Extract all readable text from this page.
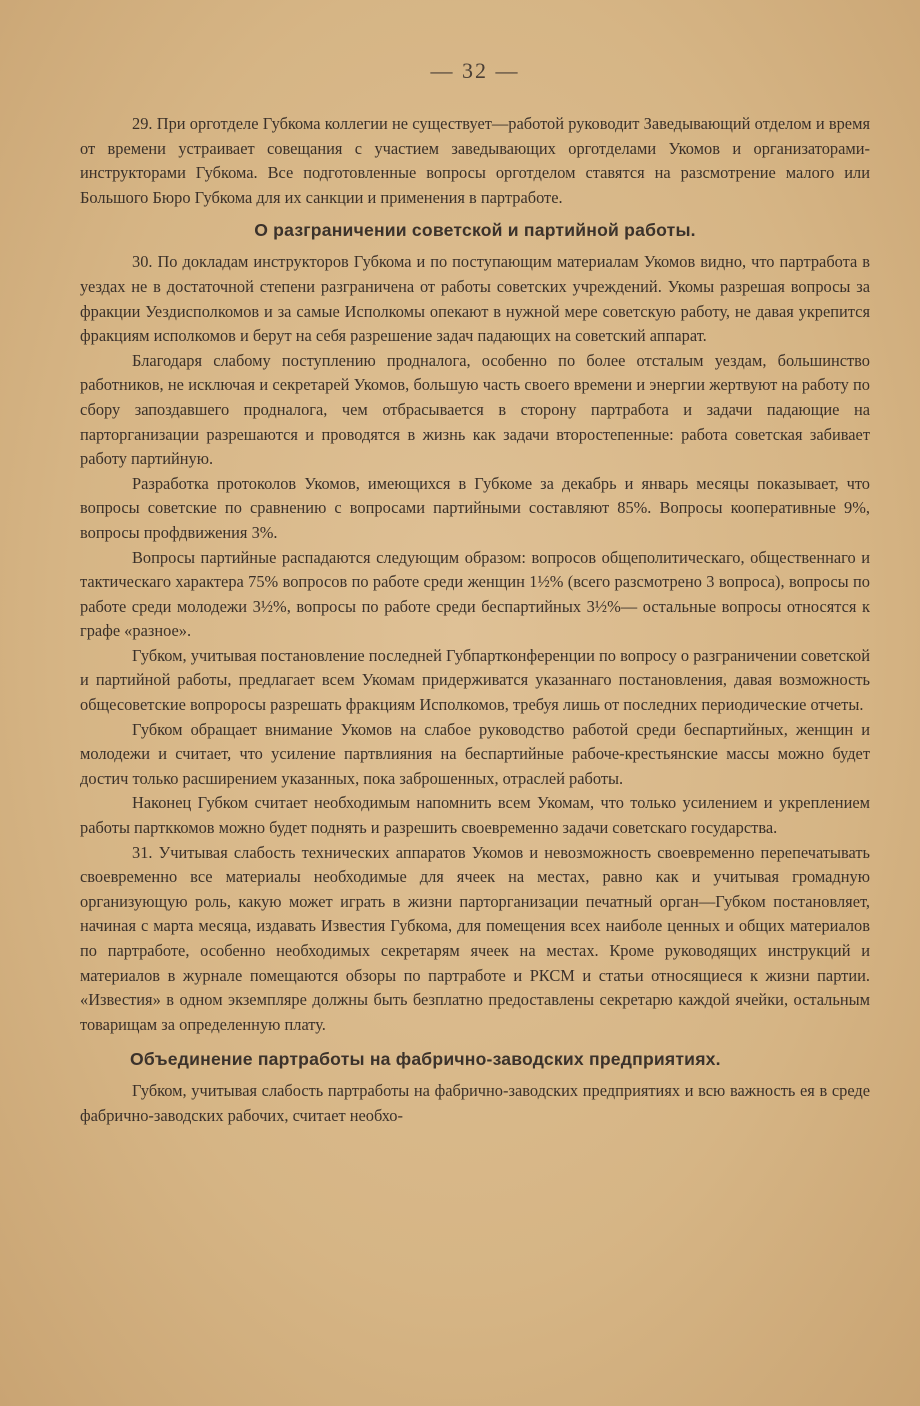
— 32 —

29. При орготделе Губкома коллегии не существует—работой руководит Заведывающий отделом и время от времени устраивает совещания с участием заведывающих орготделами Укомов и организаторами-инструкторами Губкома. Все подготовленные вопросы орготделом ставятся на разсмотрение малого или Большого Бюро Губкома для их санкции и применения в партработе.

О разграничении советской и партийной работы.

30. По докладам инструкторов Губкома и по поступающим материалам Укомов видно, что партработа в уездах не в достаточной степени разграничена от работы советских учреждений. Укомы разрешая вопросы за фракции Уездисполкомов и за самые Исполкомы опекают в нужной мере советскую работу, не давая укрепится фракциям исполкомов и берут на себя разрешение задач падающих на советский аппарат.

Благодаря слабому поступлению продналога, особенно по более отсталым уездам, большинство работников, не исключая и секретарей Укомов, большую часть своего времени и энергии жертвуют на работу по сбору запоздавшего продналога, чем отбрасывается в сторону партработа и задачи падающие на парторганизации разрешаются и проводятся в жизнь как задачи второстепенные: работа советская забивает работу партийную.

Разработка протоколов Укомов, имеющихся в Губкоме за декабрь и январь месяцы показывает, что вопросы советские по сравнению с вопросами партийными составляют 85%. Вопросы кооперативные 9%, вопросы профдвижения 3%.

Вопросы партийные распадаются следующим образом: вопросов общеполитическаго, общественнаго и тактическаго характера 75% вопросов по работе среди женщин 1½% (всего разсмотрено 3 вопроса), вопросы по работе среди молодежи 3½%, вопросы по работе среди беспартийных 3½%— остальные вопросы относятся к графе «разное».

Губком, учитывая постановление последней Губпартконференции по вопросу о разграничении советской и партийной работы, предлагает всем Укомам придерживатся указаннаго постановления, давая возможность общесоветские вопроросы разрешать фракциям Исполкомов, требуя лишь от последних периодические отчеты.

Губком обращает внимание Укомов на слабое руководство работой среди беспартийных, женщин и молодежи и считает, что усиление партвлияния на беспартийные рабоче-крестьянские массы можно будет достич только расширением указанных, пока заброшенных, отраслей работы.

Наконец Губком считает необходимым напомнить всем Укомам, что только усилением и укреплением работы партккомов можно будет поднять и разрешить своевременно задачи советскаго государства.

31. Учитывая слабость технических аппаратов Укомов и невозможность своевременно перепечатывать своевременно все материалы необходимые для ячеек на местах, равно как и учитывая громадную организующую роль, какую может играть в жизни парторганизации печатный орган—Губком постановляет, начиная с марта месяца, издавать Известия Губкома, для помещения всех наиболе ценных и общих материалов по партработе, особенно необходимых секретарям ячеек на местах. Кроме руководящих инструкций и материалов в журнале помещаются обзоры по партработе и РКСМ и статьи относящиеся к жизни партии. «Известия» в одном экземпляре должны быть безплатно предоставлены секретарю каждой ячейки, остальным товарищам за определенную плату.

Объединение партработы на фабрично-заводских предприятиях.

Губком, учитывая слабость партработы на фабрично-заводских предприятиях и всю важность ея в среде фабрично-заводских рабочих, считает необхо-
